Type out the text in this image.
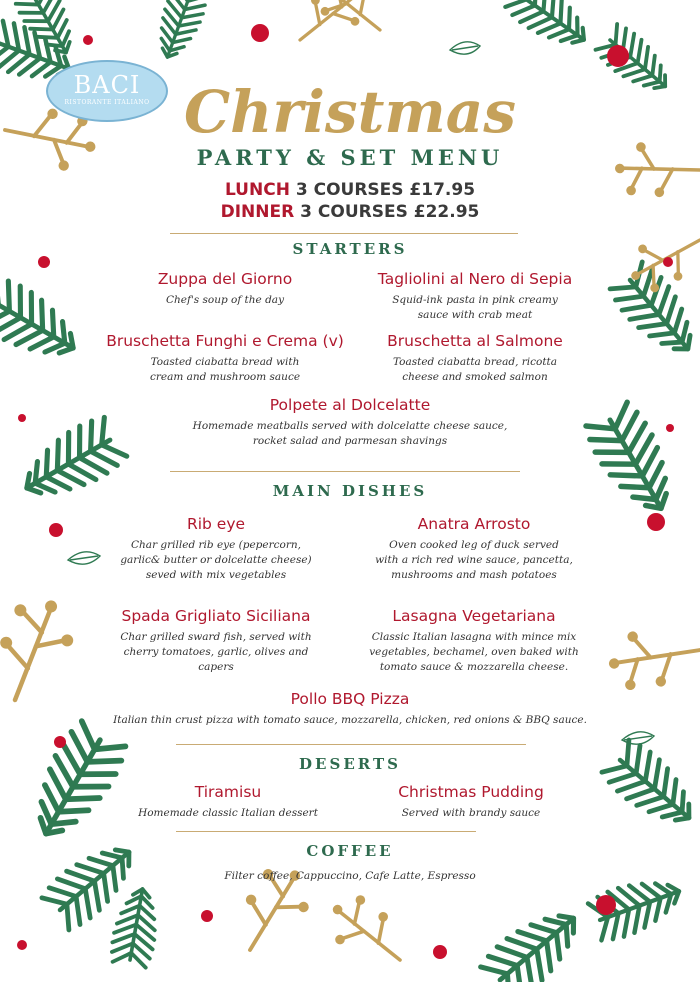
BACI
RISTORANTE ITALIANO Christmas
PARTY & SET MENU
LUNCH 3 COURSES £17.95
DINNER 3 COURSES £22.95
STARTERS
Zuppa del Giorno
Chef's soup of the day
Tagliolini al Nero di Sepia
Squid-ink pasta in pink creamy
sauce with crab meat
Bruschetta Funghi e Crema (v)
Toasted ciabatta bread with
cream and mushroom sauce
Bruschetta al Salmone
Toasted ciabatta bread, ricotta
cheese and smoked salmon
Polpete al Dolcelatte
Homemade meatballs served with dolcelatte cheese sauce,
rocket salad and parmesan shavings
MAIN DISHES
Rib eye
Char grilled rib eye (pepercorn,
garlic& butter or dolcelatte cheese)
seved with mix vegetables
Anatra Arrosto
Oven cooked leg of duck served
with a rich red wine sauce, pancetta,
mushrooms and mash potatoes
Spada Grigliato Siciliana
Char grilled sward fish, served with
cherry tomatoes, garlic, olives and
capers
Lasagna Vegetariana
Classic Italian lasagna with mince mix
vegetables, bechamel, oven baked with
tomato sauce & mozzarella cheese.
Pollo BBQ Pizza
Italian thin crust pizza with tomato sauce, mozzarella, chicken, red onions & BBQ sauce.
DESERTS
Tiramisu
Homemade classic Italian dessert
Christmas Pudding
Served with brandy sauce
COFFEE
Filter coffee, Cappuccino, Cafe Latte, Espresso
